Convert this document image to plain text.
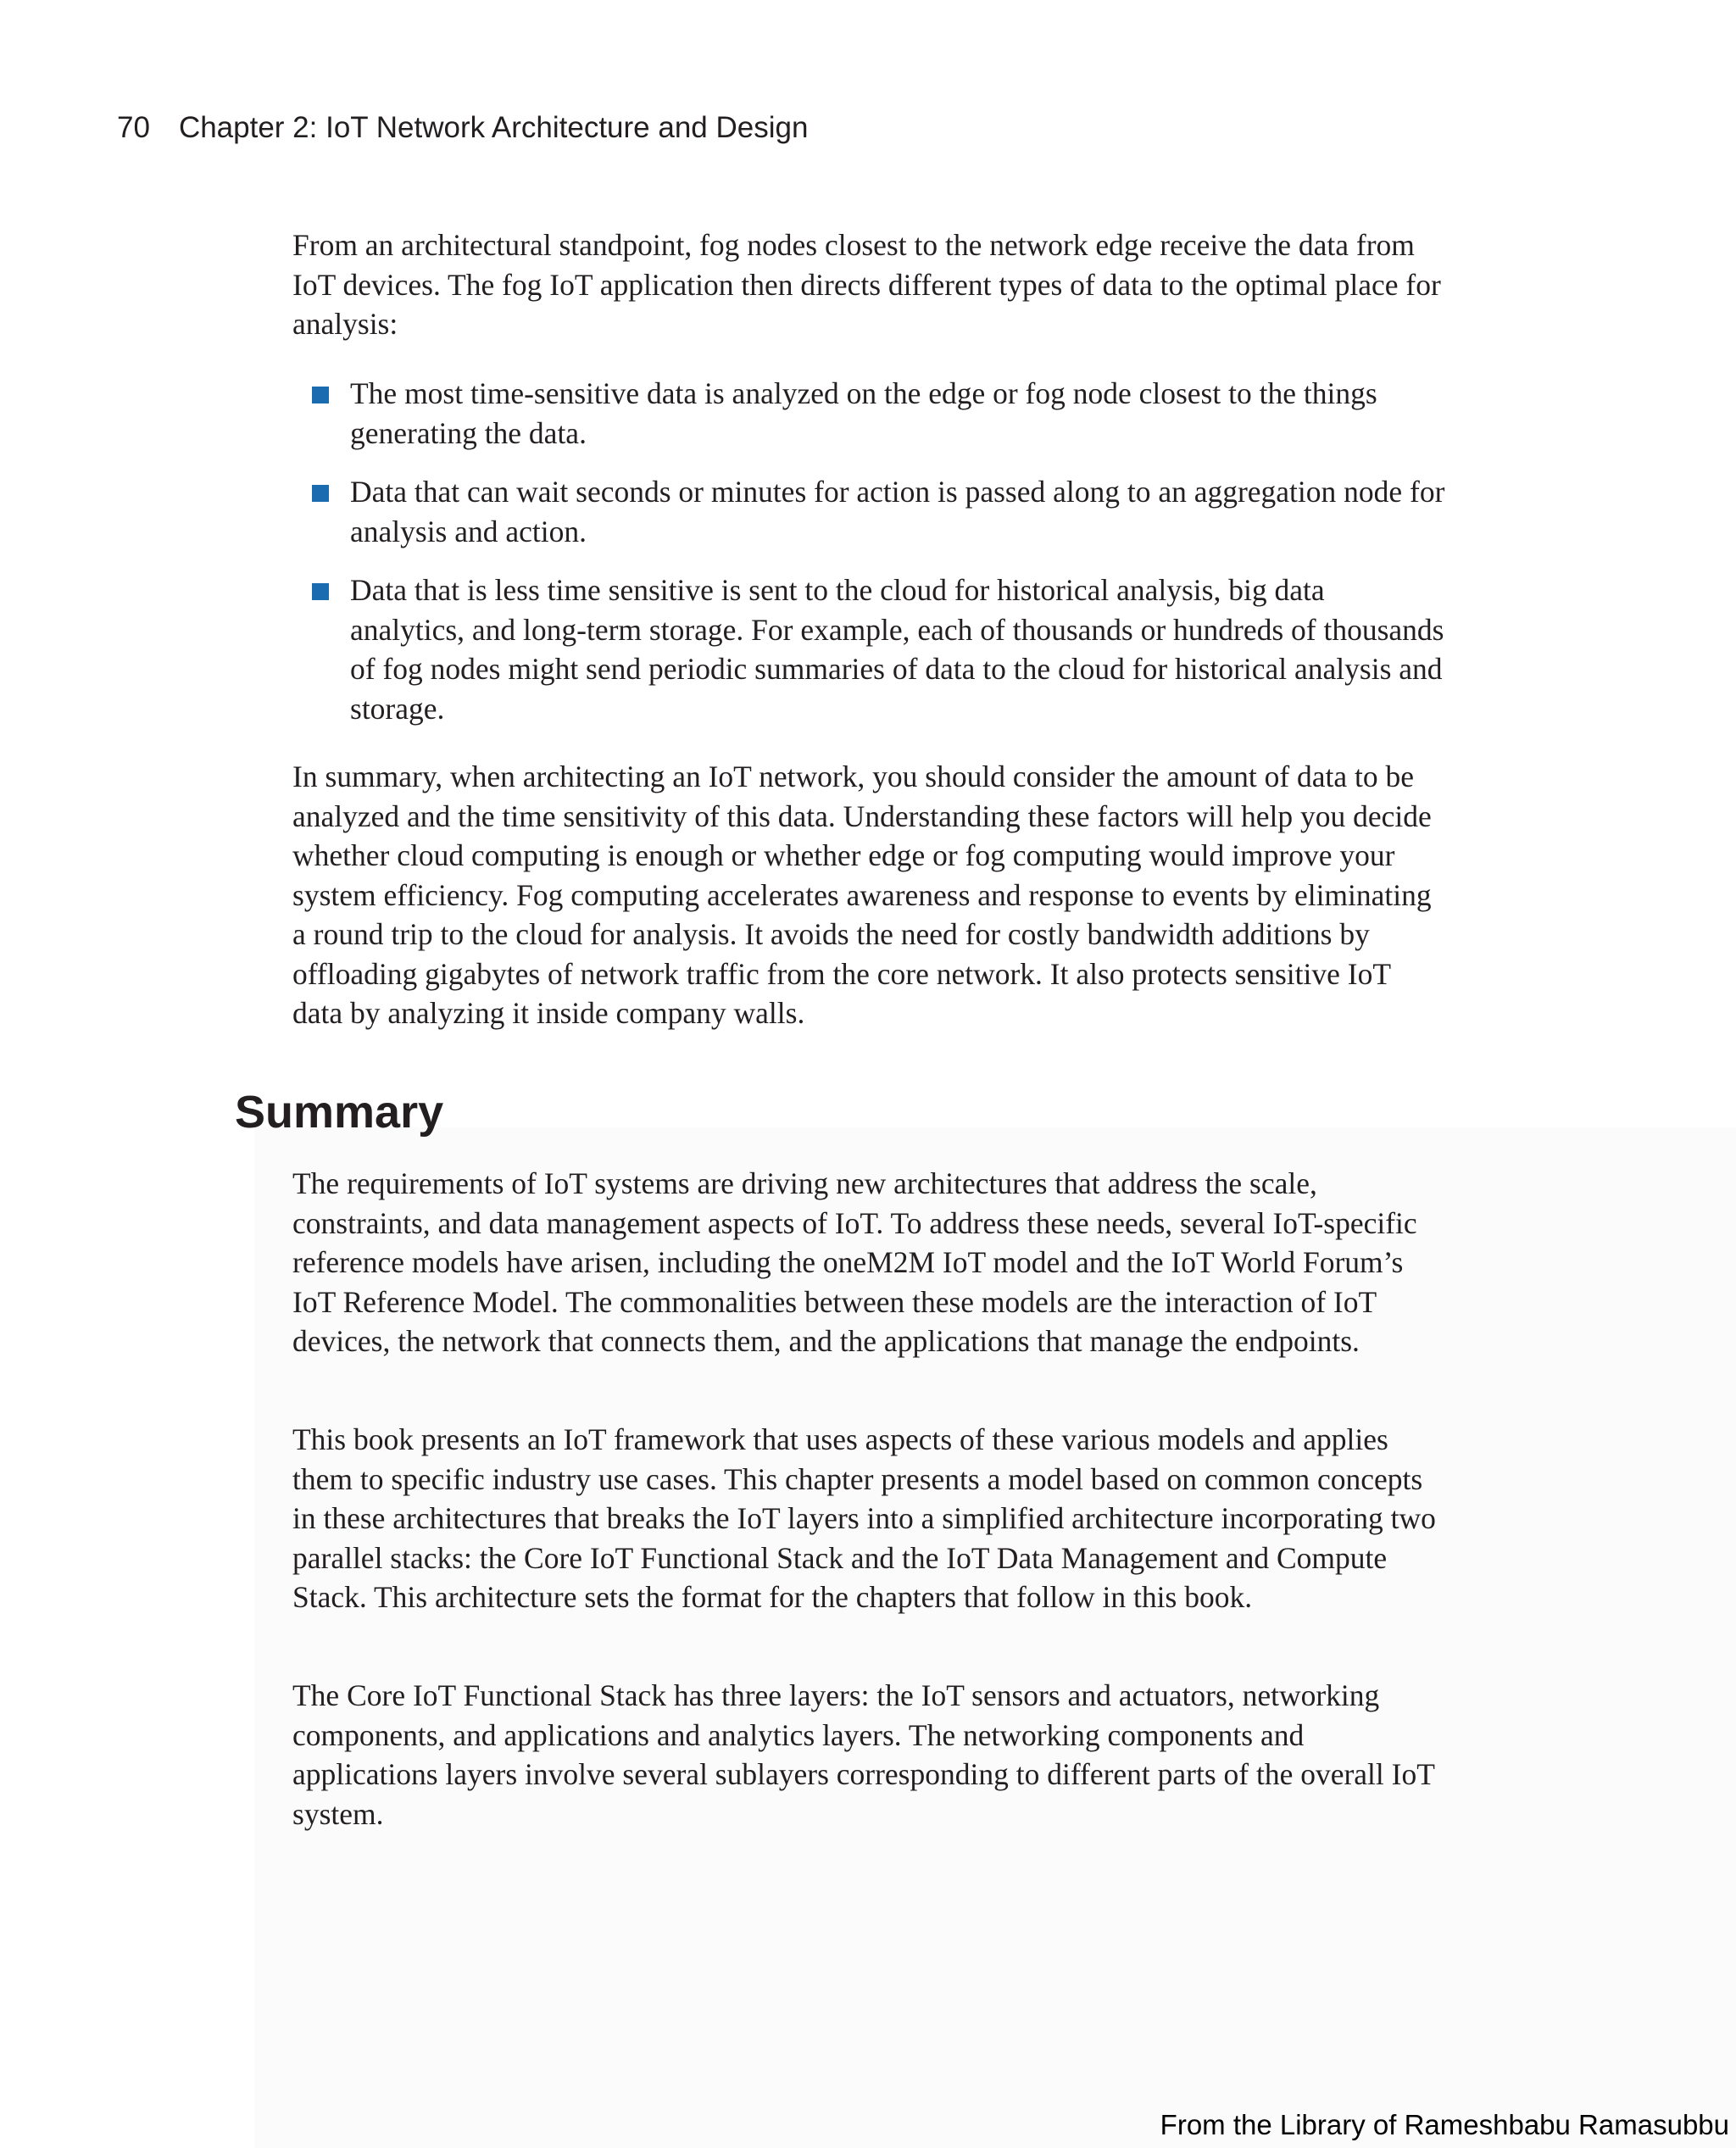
70 Chapter 2: IoT Network Architecture and Design

From an architectural standpoint, fog nodes closest to the network edge receive the data from IoT devices. The fog IoT application then directs different types of data to the optimal place for analysis:

The most time-sensitive data is analyzed on the edge or fog node closest to the things generating the data.
Data that can wait seconds or minutes for action is passed along to an aggregation node for analysis and action.
Data that is less time sensitive is sent to the cloud for historical analysis, big data analytics, and long-term storage. For example, each of thousands or hundreds of thousands of fog nodes might send periodic summaries of data to the cloud for historical analysis and storage.

In summary, when architecting an IoT network, you should consider the amount of data to be analyzed and the time sensitivity of this data. Understanding these factors will help you decide whether cloud computing is enough or whether edge or fog computing would improve your system efficiency. Fog computing accelerates awareness and response to events by eliminating a round trip to the cloud for analysis. It avoids the need for costly bandwidth additions by offloading gigabytes of network traffic from the core network. It also protects sensitive IoT data by analyzing it inside company walls.

Summary

The requirements of IoT systems are driving new architectures that address the scale, constraints, and data management aspects of IoT. To address these needs, several IoT-specific reference models have arisen, including the oneM2M IoT model and the IoT World Forum’s IoT Reference Model. The commonalities between these models are the interaction of IoT devices, the network that connects them, and the applications that manage the endpoints.

This book presents an IoT framework that uses aspects of these various models and applies them to specific industry use cases. This chapter presents a model based on common concepts in these architectures that breaks the IoT layers into a simplified architecture incorporating two parallel stacks: the Core IoT Functional Stack and the IoT Data Management and Compute Stack. This architecture sets the format for the chapters that follow in this book.

The Core IoT Functional Stack has three layers: the IoT sensors and actuators, networking components, and applications and analytics layers. The networking components and applications layers involve several sublayers corresponding to different parts of the overall IoT system.

From the Library of Rameshbabu Ramasubbu
